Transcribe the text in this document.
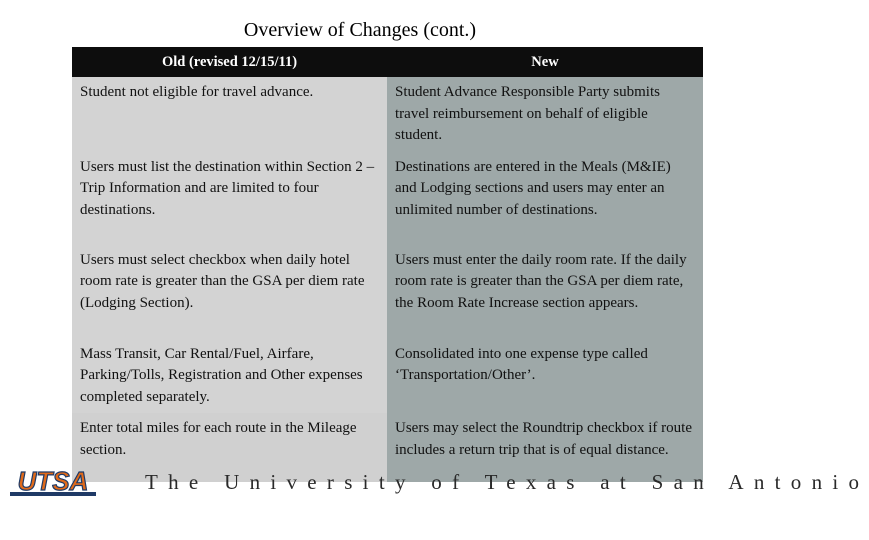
Overview of Changes (cont.)
Old (revised 12/15/11)	New
Student not eligible for travel advance.	Student Advance Responsible Party submits travel reimbursement on behalf of eligible student.
Users must list the destination within Section 2 – Trip Information and are limited to four destinations.	Destinations are entered in the Meals (M&IE) and Lodging sections and users may enter an unlimited number of destinations.
Users must select checkbox when daily hotel room rate is greater than the GSA per diem rate (Lodging Section).	Users must enter the daily room rate. If the daily room rate is greater than the GSA per diem rate, the Room Rate Increase section appears.
Mass Transit, Car Rental/Fuel, Airfare, Parking/Tolls, Registration and Other expenses completed separately.	Consolidated into one expense type called ‘Transportation/Other’.
Enter total miles for each route in the Mileage section.	Users may select the Roundtrip checkbox if route includes a return trip that is of equal distance.
The University of Texas at San Antonio
UTSA
